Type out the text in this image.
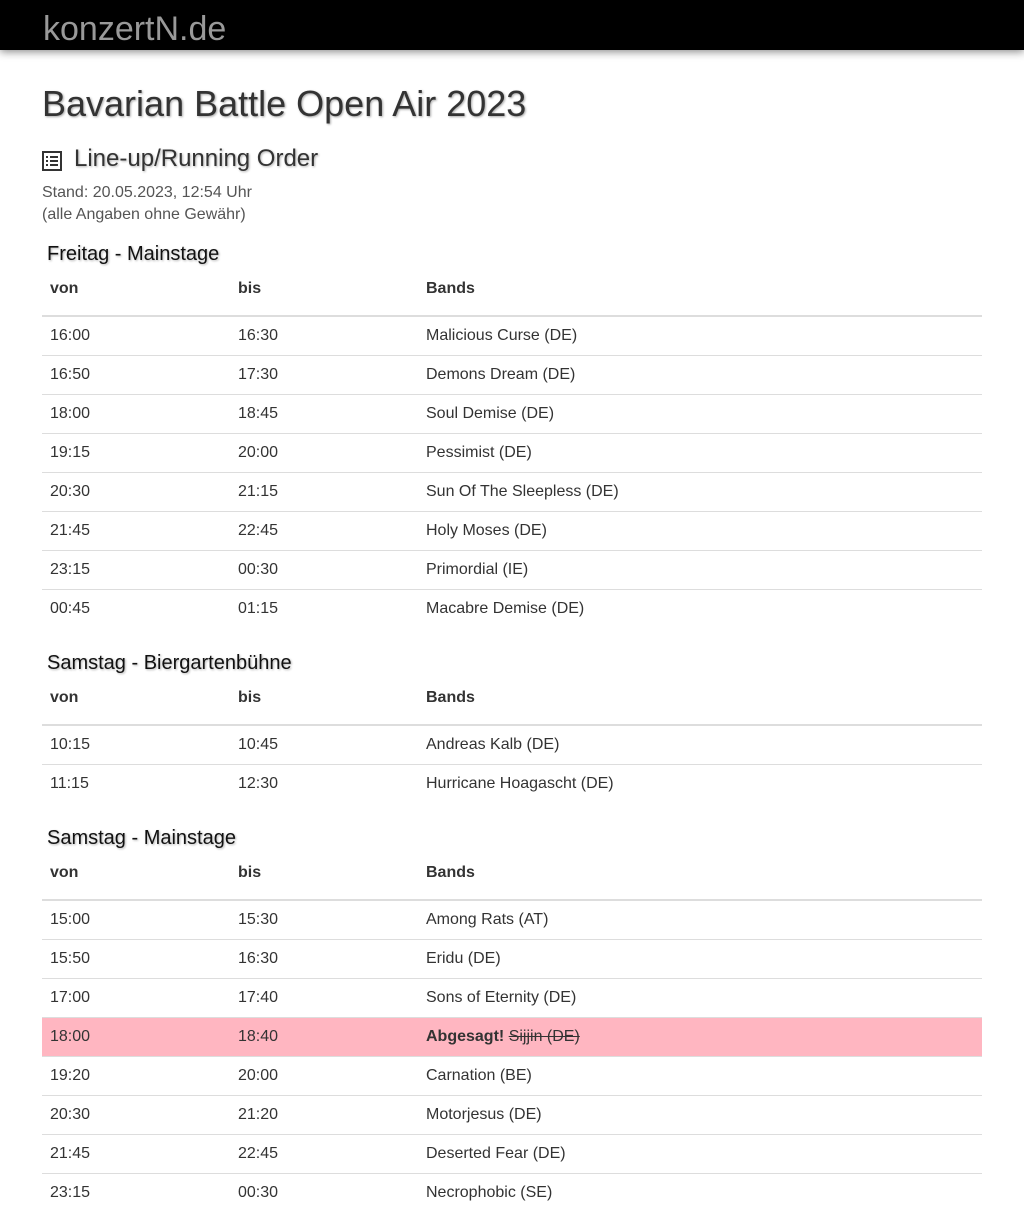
konzertN.de
Bavarian Battle Open Air 2023
Line-up/Running Order
Stand: 20.05.2023, 12:54 Uhr
(alle Angaben ohne Gewähr)
Freitag - Mainstage
von	bis	Bands
16:00	16:30	Malicious Curse (DE)
16:50	17:30	Demons Dream (DE)
18:00	18:45	Soul Demise (DE)
19:15	20:00	Pessimist (DE)
20:30	21:15	Sun Of The Sleepless (DE)
21:45	22:45	Holy Moses (DE)
23:15	00:30	Primordial (IE)
00:45	01:15	Macabre Demise (DE)
Samstag - Biergartenbühne
von	bis	Bands
10:15	10:45	Andreas Kalb (DE)
11:15	12:30	Hurricane Hoagascht (DE)
Samstag - Mainstage
von	bis	Bands
15:00	15:30	Among Rats (AT)
15:50	16:30	Eridu (DE)
17:00	17:40	Sons of Eternity (DE)
18:00	18:40	Abgesagt! Sijjin (DE)
19:20	20:00	Carnation (BE)
20:30	21:20	Motorjesus (DE)
21:45	22:45	Deserted Fear (DE)
23:15	00:30	Necrophobic (SE)
